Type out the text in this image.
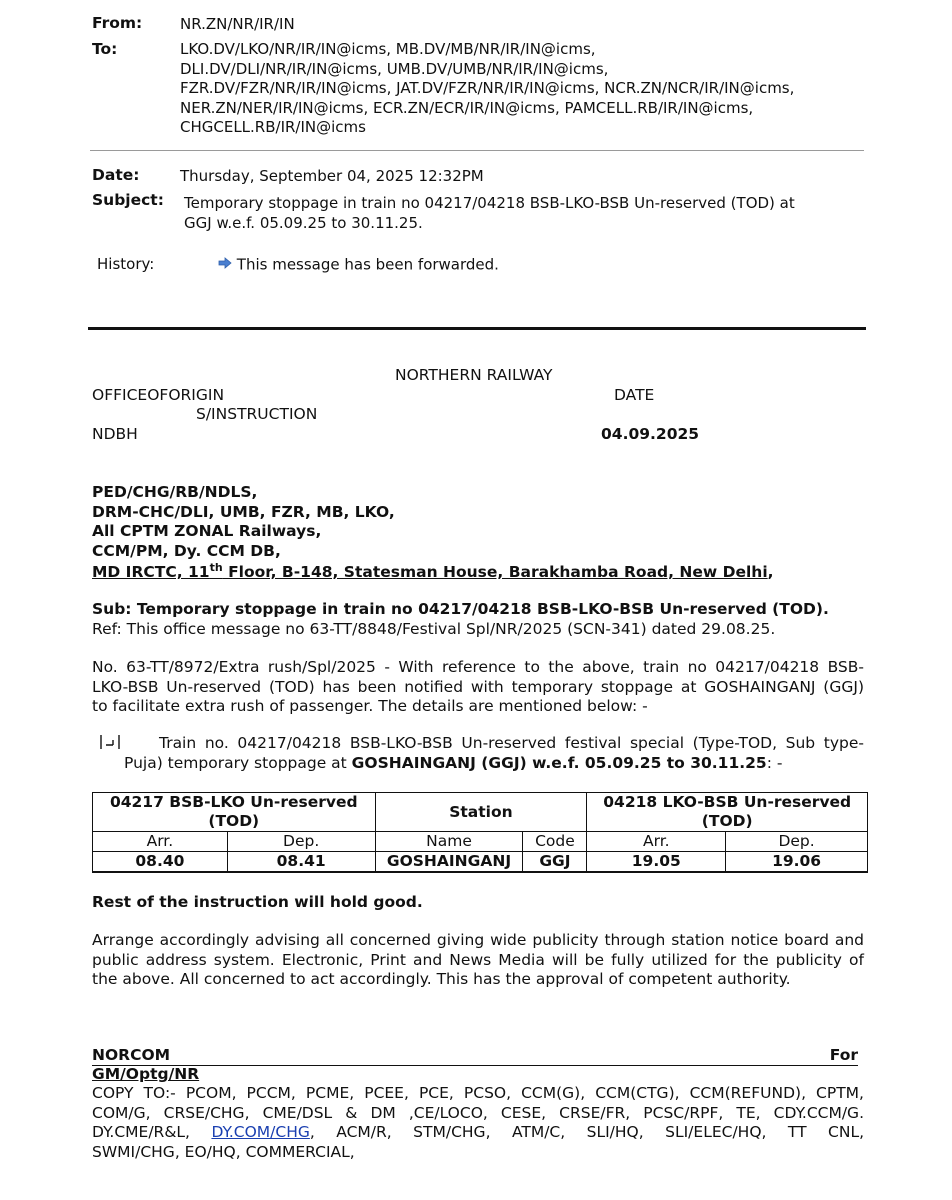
From:	NR.ZN/NR/IR/IN
To:	LKO.DV/LKO/NR/IR/IN@icms, MB.DV/MB/NR/IR/IN@icms,
DLI.DV/DLI/NR/IR/IN@icms, UMB.DV/UMB/NR/IR/IN@icms,
FZR.DV/FZR/NR/IR/IN@icms, JAT.DV/FZR/NR/IR/IN@icms, NCR.ZN/NCR/IR/IN@icms,
NER.ZN/NER/IR/IN@icms, ECR.ZN/ECR/IR/IN@icms, PAMCELL.RB/IR/IN@icms,
CHGCELL.RB/IR/IN@icms
Date:	Thursday, September 04, 2025 12:32PM
Subject: Temporary stoppage in train no 04217/04218 BSB-LKO-BSB Un-reserved (TOD) at
GGJ w.e.f. 05.09.25 to 30.11.25.
History:	This message has been forwarded.
NORTHERN RAILWAY
OFFICEOFORIGIN	DATE
S/INSTRUCTION
NDBH	04.09.2025
PED/CHG/RB/NDLS,
DRM-CHC/DLI, UMB, FZR, MB, LKO,
All CPTM ZONAL Railways,
CCM/PM, Dy. CCM DB,
MD IRCTC, 11th Floor, B-148, Statesman House, Barakhamba Road, New Delhi,
Sub: Temporary stoppage in train no 04217/04218 BSB-LKO-BSB Un-reserved (TOD).
Ref: This office message no 63-TT/8848/Festival Spl/NR/2025 (SCN-341) dated 29.08.25.
No. 63-TT/8972/Extra rush/Spl/2025 - With reference to the above, train no 04217/04218 BSB-
LKO-BSB Un-reserved (TOD) has been notified with temporary stoppage at GOSHAINGANJ (GGJ)
to facilitate extra rush of passenger. The details are mentioned below: -
Train no. 04217/04218 BSB-LKO-BSB Un-reserved festival special (Type-TOD, Sub type-
Puja) temporary stoppage at GOSHAINGANJ (GGJ) w.e.f. 05.09.25 to 30.11.25: -
04217 BSB-LKO Un-reserved (TOD)		Station		04218 LKO-BSB Un-reserved (TOD)	
Arr.	Dep.	Name	Code	Arr.	Dep.
08.40	08.41	GOSHAINGANJ	GGJ	19.05	19.06
Rest of the instruction will hold good.
Arrange accordingly advising all concerned giving wide publicity through station notice board and
public address system. Electronic, Print and News Media will be fully utilized for the publicity of
the above. All concerned to act accordingly. This has the approval of competent authority.
NORCOM	For
GM/Optg/NR
COPY TO:- PCOM, PCCM, PCME, PCEE, PCE, PCSO, CCM(G), CCM(CTG), CCM(REFUND), CPTM,
COM/G, CRSE/CHG, CME/DSL & DM ,CE/LOCO, CESE, CRSE/FR, PCSC/RPF, TE, CDY.CCM/G.
DY.CME/R&L, DY.COM/CHG, ACM/R, STM/CHG, ATM/C, SLI/HQ, SLI/ELEC/HQ, TT CNL,
SWMI/CHG, EO/HQ, COMMERCIAL,
